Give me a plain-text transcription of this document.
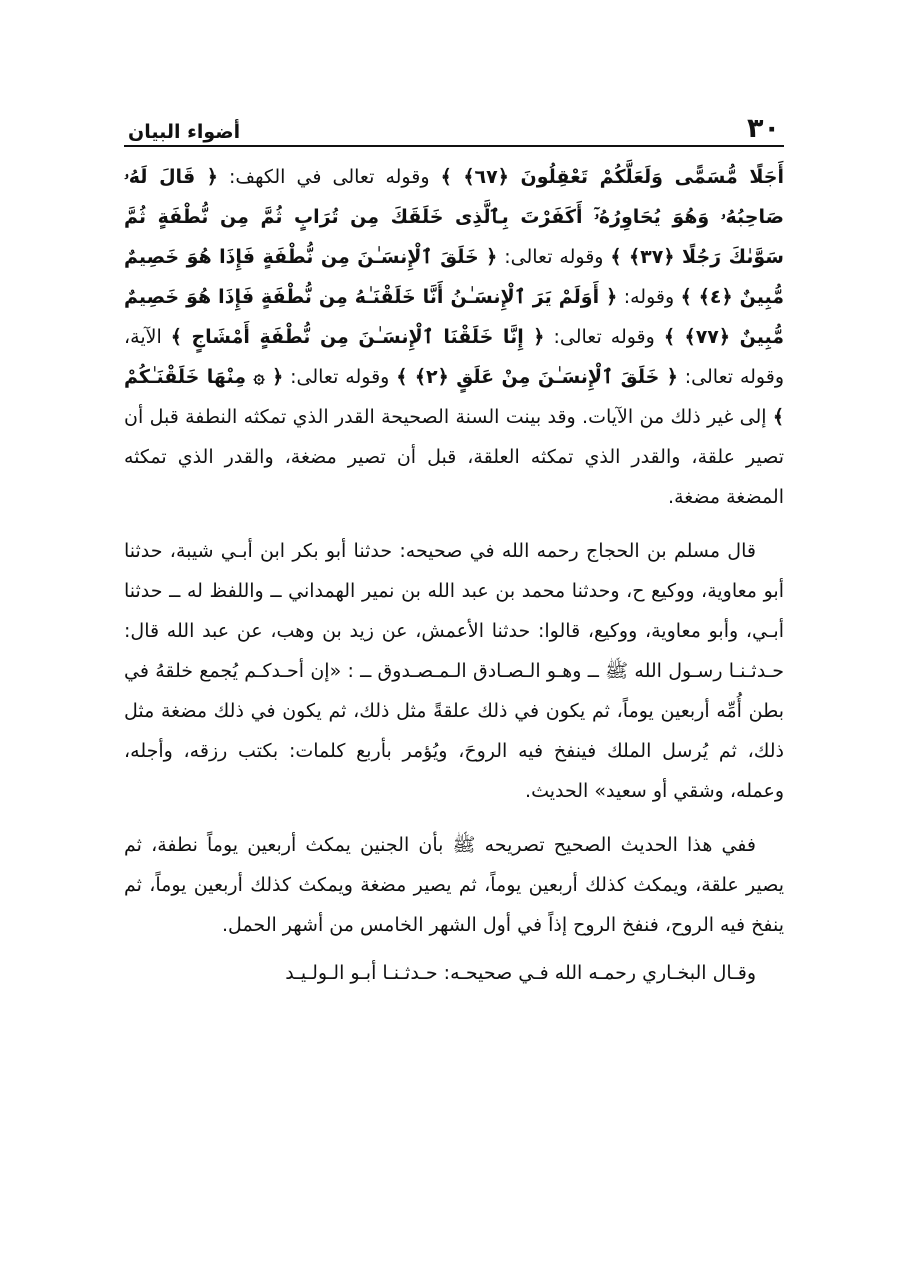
٣٠
أضواء البيان

أَجَلًا مُّسَمًّى وَلَعَلَّكُمْ تَعْقِلُونَ ﴿٦٧﴾ ﴾ وقوله تعالى في الكهف: ﴿ قَالَ لَهُۥ صَاحِبُهُۥ وَهُوَ يُحَاوِرُهُۥٓ أَكَفَرْتَ بِٱلَّذِى خَلَقَكَ مِن تُرَابٍ ثُمَّ مِن نُّطْفَةٍ ثُمَّ سَوَّىٰكَ رَجُلًا ﴿٣٧﴾ ﴾ وقوله تعالى: ﴿ خَلَقَ ٱلْإِنسَـٰنَ مِن نُّطْفَةٍ فَإِذَا هُوَ خَصِيمٌ مُّبِينٌ ﴿٤﴾ ﴾ وقوله: ﴿ أَوَلَمْ يَرَ ٱلْإِنسَـٰنُ أَنَّا خَلَقْنَـٰهُ مِن نُّطْفَةٍ فَإِذَا هُوَ خَصِيمٌ مُّبِينٌ ﴿٧٧﴾ ﴾ وقوله تعالى: ﴿ إِنَّا خَلَقْنَا ٱلْإِنسَـٰنَ مِن نُّطْفَةٍ أَمْشَاجٍ ﴾ الآية، وقوله تعالى: ﴿ خَلَقَ ٱلْإِنسَـٰنَ مِنْ عَلَقٍ ﴿٢﴾ ﴾ وقوله تعالى: ﴿ ۞ مِنْهَا خَلَقْنَـٰكُمْ ﴾ إلى غير ذلك من الآيات. وقد بينت السنة الصحيحة القدر الذي تمكثه النطفة قبل أن تصير علقة، والقدر الذي تمكثه العلقة، قبل أن تصير مضغة، والقدر الذي تمكثه المضغة مضغة.

قال مسلم بن الحجاج رحمه الله في صحيحه: حدثنا أبو بكر ابن أبـي شيبة، حدثنا أبو معاوية، ووكيع ح، وحدثنا محمد بن عبد الله بن نمير الهمداني ــ واللفظ له ــ حدثنا أبـي، وأبو معاوية، ووكيع، قالوا: حدثنا الأعمش، عن زيد بن وهب، عن عبد الله قال: حـدثـنـا رسـول الله ﷺ ــ وهـو الـصـادق الـمـصـدوق ــ : «إن أحـدكـم يُجمع خلقهُ في بطن أُمِّه أربعين يوماً، ثم يكون في ذلك علقةً مثل ذلك، ثم يكون في ذلك مضغة مثل ذلك، ثم يُرسل الملك فينفخ فيه الروحَ، ويُؤمر بأربع كلمات: بكتب رزقه، وأجله، وعمله، وشقي أو سعيد» الحديث.

ففي هذا الحديث الصحيح تصريحه ﷺ بأن الجنين يمكث أربعين يوماً نطفة، ثم يصير علقة، ويمكث كذلك أربعين يوماً، ثم يصير مضغة ويمكث كذلك أربعين يوماً، ثم ينفخ فيه الروح، فنفخ الروح إذاً في أول الشهر الخامس من أشهر الحمل.

وقـال البخـاري رحمـه الله فـي صحيحـه: حـدثـنـا أبـو الـولـيـد
